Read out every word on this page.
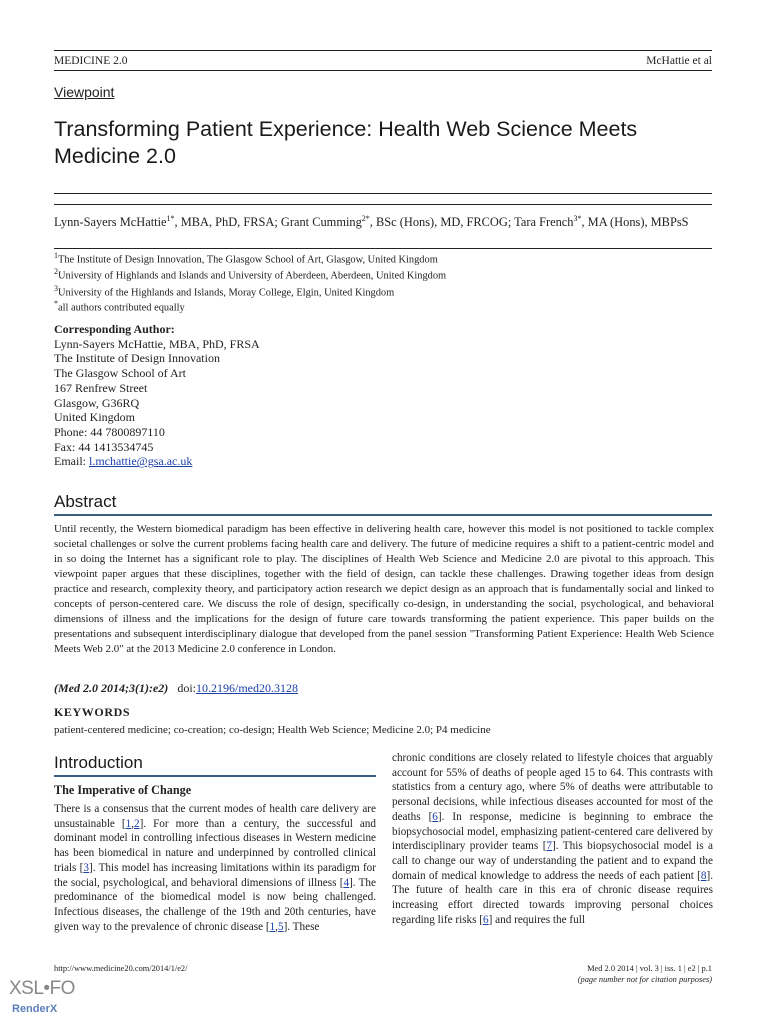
MEDICINE 2.0	McHattie et al
Viewpoint
Transforming Patient Experience: Health Web Science Meets Medicine 2.0
Lynn-Sayers McHattie$^{1*}$, MBA, PhD, FRSA; Grant Cumming$^{2*}$, BSc (Hons), MD, FRCOG; Tara French$^{3*}$, MA (Hons), MBPsS
$^1$The Institute of Design Innovation, The Glasgow School of Art, Glasgow, United Kingdom
$^2$University of Highlands and Islands and University of Aberdeen, Aberdeen, United Kingdom
$^3$University of the Highlands and Islands, Moray College, Elgin, United Kingdom
*all authors contributed equally
Corresponding Author:
Lynn-Sayers McHattie, MBA, PhD, FRSA
The Institute of Design Innovation
The Glasgow School of Art
167 Renfrew Street
Glasgow, G36RQ
United Kingdom
Phone: 44 7800897110
Fax: 44 1413534745
Email: l.mchattie@gsa.ac.uk
Abstract
Until recently, the Western biomedical paradigm has been effective in delivering health care, however this model is not positioned to tackle complex societal challenges or solve the current problems facing health care and delivery. The future of medicine requires a shift to a patient-centric model and in so doing the Internet has a significant role to play. The disciplines of Health Web Science and Medicine 2.0 are pivotal to this approach. This viewpoint paper argues that these disciplines, together with the field of design, can tackle these challenges. Drawing together ideas from design practice and research, complexity theory, and participatory action research we depict design as an approach that is fundamentally social and linked to concepts of person-centered care. We discuss the role of design, specifically co-design, in understanding the social, psychological, and behavioral dimensions of illness and the implications for the design of future care towards transforming the patient experience. This paper builds on the presentations and subsequent interdisciplinary dialogue that developed from the panel session "Transforming Patient Experience: Health Web Science Meets Web 2.0" at the 2013 Medicine 2.0 conference in London.
(Med 2.0 2014;3(1):e2) doi:10.2196/med20.3128
KEYWORDS
patient-centered medicine; co-creation; co-design; Health Web Science; Medicine 2.0; P4 medicine
Introduction
The Imperative of Change
There is a consensus that the current modes of health care delivery are unsustainable [1,2]. For more than a century, the successful and dominant model in controlling infectious diseases in Western medicine has been biomedical in nature and underpinned by controlled clinical trials [3]. This model has increasing limitations within its paradigm for the social, psychological, and behavioral dimensions of illness [4]. The predominance of the biomedical model is now being challenged. Infectious diseases, the challenge of the 19th and 20th centuries, have given way to the prevalence of chronic disease [1,5]. These
chronic conditions are closely related to lifestyle choices that arguably account for 55% of deaths of people aged 15 to 64. This contrasts with statistics from a century ago, where 5% of deaths were attributable to personal decisions, while infectious diseases accounted for most of the deaths [6]. In response, medicine is beginning to embrace the biopsychosocial model, emphasizing patient-centered care delivered by interdisciplinary provider teams [7]. This biopsychosocial model is a call to change our way of understanding the patient and to expand the domain of medical knowledge to address the needs of each patient [8]. The future of health care in this era of chronic disease requires increasing effort directed towards improving personal choices regarding life risks [6] and requires the full
http://www.medicine20.com/2014/1/e2/	Med 2.0 2014 | vol. 3 | iss. 1 | e2 | p.1
(page number not for citation purposes)
XSL•FO
RenderX
